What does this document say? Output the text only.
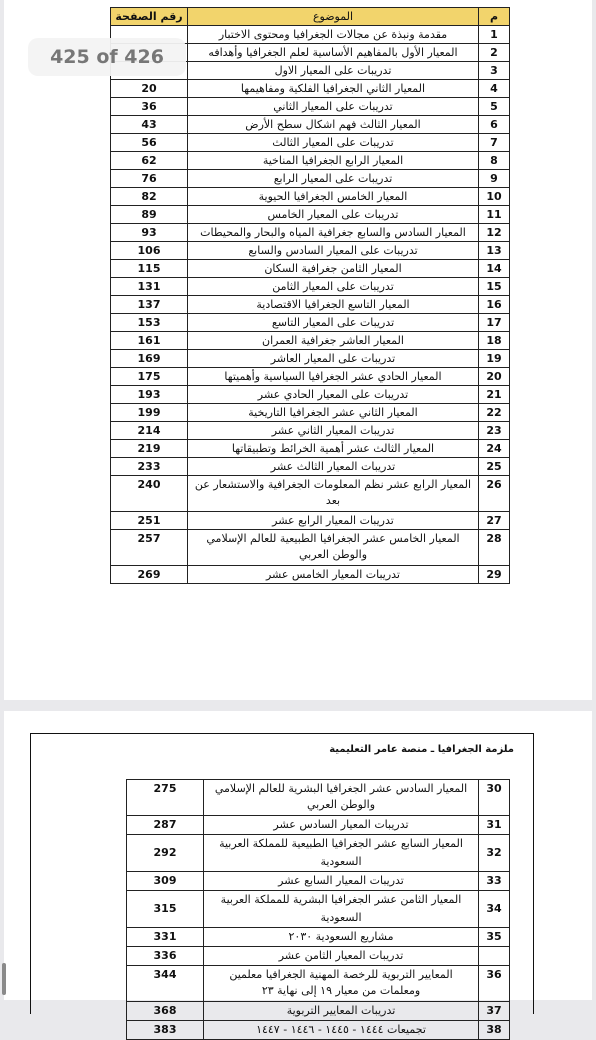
م	الموضوع	رقم الصفحة
1	مقدمة ونبذة عن مجالات الجغرافيا ومحتوى الاختبار	
2	المعيار الأول بالمفاهيم الأساسية لعلم الجغرافيا وأهدافه	
3	تدريبات على المعيار الاول	
4	المعيار الثاني الجغرافيا الفلكية ومفاهيمها	20
5	تدريبات على المعيار الثاني	36
6	المعيار الثالث فهم اشكال سطح الأرض	43
7	تدريبات على المعيار الثالث	56
8	المعيار الرابع الجغرافيا المناخية	62
9	تدريبات على المعيار الرابع	76
10	المعيار الخامس الجغرافيا الحيوية	82
11	تدريبات على المعيار الخامس	89
12	المعيار السادس والسابع جغرافية المياه والبحار والمحيطات	93
13	تدريبات على المعيار السادس والسابع	106
14	المعيار الثامن جغرافية السكان	115
15	تدريبات على المعيار الثامن	131
16	المعيار التاسع الجغرافيا الاقتصادية	137
17	تدريبات على المعيار التاسع	153
18	المعيار العاشر جغرافية العمران	161
19	تدريبات على المعيار العاشر	169
20	المعيار الحادي عشر الجغرافيا السياسية وأهميتها	175
21	تدريبات على المعيار الحادي عشر	193
22	المعيار الثاني عشر الجغرافيا التاريخية	199
23	تدريبات المعيار الثاني عشر	214
24	المعيار الثالث عشر أهمية الخرائط وتطبيقاتها	219
25	تدريبات المعيار الثالث عشر	233
26	المعيار الرابع عشر نظم المعلومات الجغرافية والاستشعار عن بعد	240
27	تدريبات المعيار الرابع عشر	251
28	المعيار الخامس عشر الجغرافيا الطبيعية للعالم الإسلامي والوطن العربي	257
29	تدريبات المعيار الخامس عشر	269
ملزمة الجغرافيا ـ منصة عامر التعليمية
30	المعيار السادس عشر الجغرافيا البشرية للعالم الإسلامي والوطن العربي	275
31	تدريبات المعيار السادس عشر	287
32	المعيار السابع عشر الجغرافيا الطبيعية للمملكة العربية السعودية	292
33	تدريبات المعيار السابع عشر	309
34	المعيار الثامن عشر الجغرافيا البشرية للمملكة العربية السعودية	315
35	مشاريع السعودية ٢٠٣٠	331
	تدريبات المعيار الثامن عشر	336
36	المعايير التربوية للرخصة المهنية الجغرافيا معلمين ومعلمات من معيار ١٩ إلى نهاية ٢٣	344
37	تدريبات المعايير التربوية	368
38	تجميعات ١٤٤٤ - ١٤٤٥ - ١٤٤٦ - ١٤٤٧	383
425 of 426
